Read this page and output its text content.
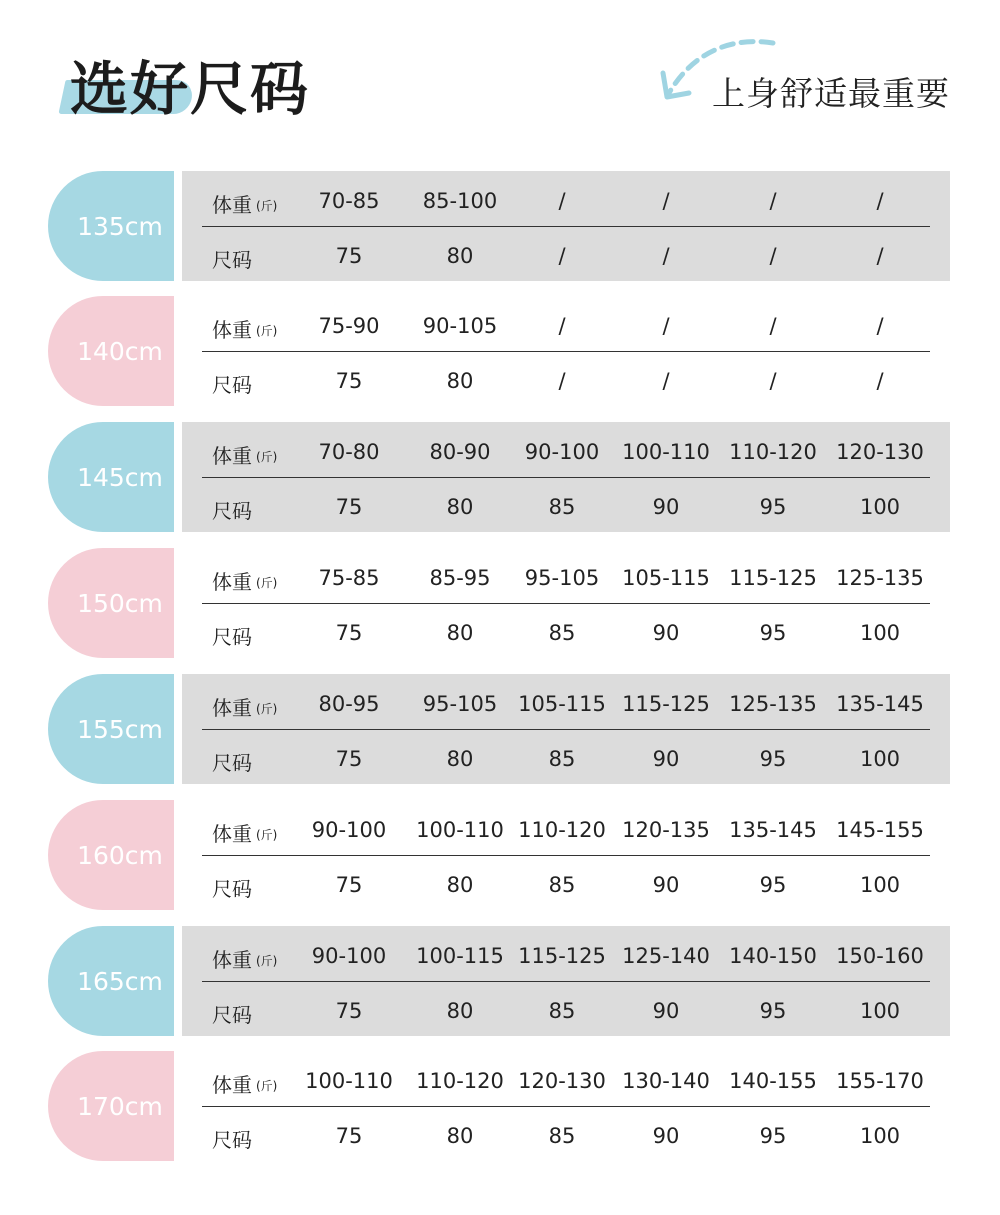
选好尺码	上身舒适最重要
135cm
体重 (斤)
尺码
70-85	85-100	/	/	/	/
75	80	/	/	/	/
140cm
体重 (斤)
尺码
75-90	90-105	/	/	/	/
75	80	/	/	/	/
145cm
体重 (斤)
尺码
70-80	80-90	90-100	100-110 110-120 120-130
75	80	85	90	95	100
150cm
体重 (斤)
尺码
75-85	85-95	95-105	105-115 115-125 125-135
75	80	85	90	95	100
155cm
体重 (斤)
尺码
80-95	95-105 105-115 115-125 125-135 135-145
75	80	85	90	95	100
160cm
体重 (斤)
尺码
90-100	100-110 110-120 120-135 135-145 145-155
75	80	85	90	95	100
165cm
体重 (斤)
尺码
90-100	100-115 115-125 125-140 140-150 150-160
75	80	85	90	95	100
170cm
体重 (斤)
尺码
100-110	110-120 120-130 130-140 140-155 155-170
75	80	85	90	95	100
